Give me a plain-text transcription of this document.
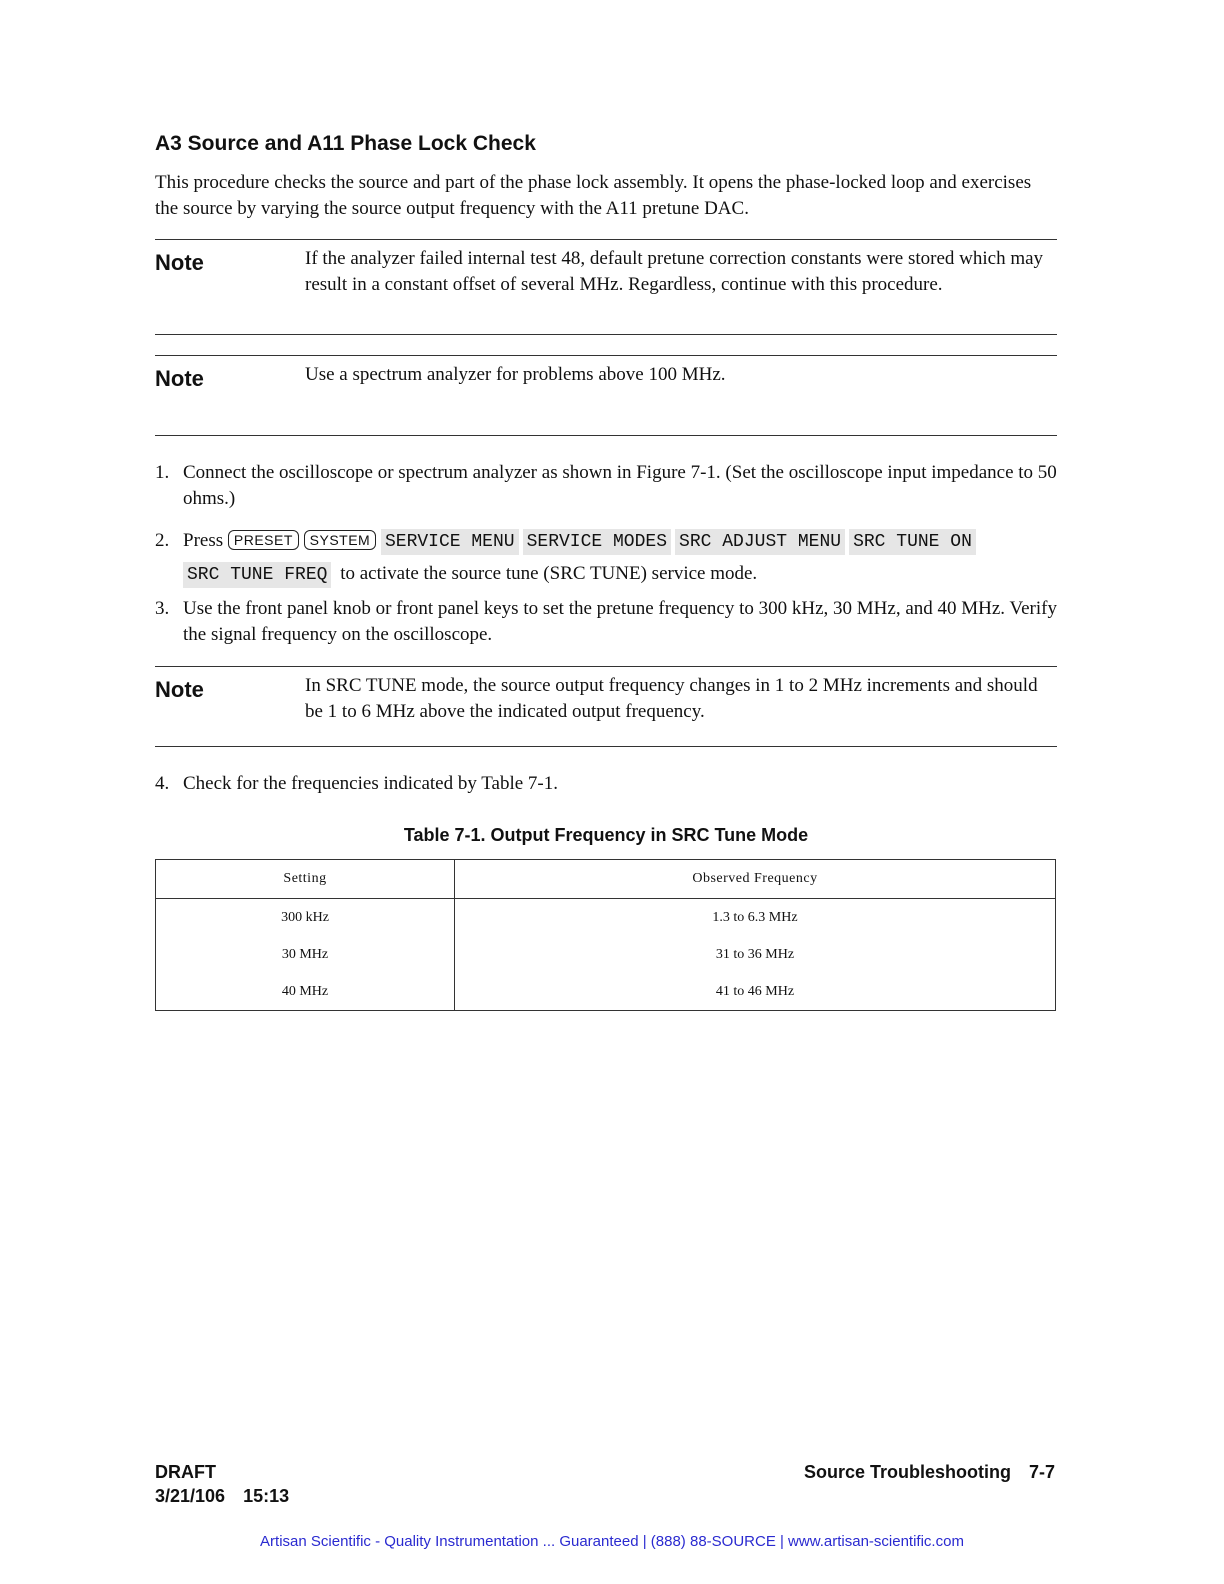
A3 Source and A11 Phase Lock Check

This procedure checks the source and part of the phase lock assembly. It opens the phase-locked loop and exercises the source by varying the source output frequency with the A11 pretune DAC.

Note	If the analyzer failed internal test 48, default pretune correction constants were stored which may result in a constant offset of several MHz. Regardless, continue with this procedure.
Note	Use a spectrum analyzer for problems above 100 MHz.
1. Connect the oscilloscope or spectrum analyzer as shown in Figure 7-1. (Set the oscilloscope input impedance to 50 ohms.)
2. Press PRESET SYSTEM SERVICE MENU SERVICE MODES SRC ADJUST MENU SRC TUNE ON
SRC TUNE FREQ to activate the source tune (SRC TUNE) service mode.
3. Use the front panel knob or front panel keys to set the pretune frequency to 300 kHz, 30 MHz, and 40 MHz. Verify the signal frequency on the oscilloscope.
Note	In SRC TUNE mode, the source output frequency changes in 1 to 2 MHz increments and should be 1 to 6 MHz above the indicated output frequency.
4. Check for the frequencies indicated by Table 7-1.
Table 7-1. Output Frequency in SRC Tune Mode
Setting	Observed Frequency
300 kHz	1.3 to 6.3 MHz
30 MHz	31 to 36 MHz
40 MHz	41 to 46 MHz
DRAFT
3/21/106 15:13
Source Troubleshooting 7-7
Artisan Scientific - Quality Instrumentation ... Guaranteed | (888) 88-SOURCE | www.artisan-scientific.com
